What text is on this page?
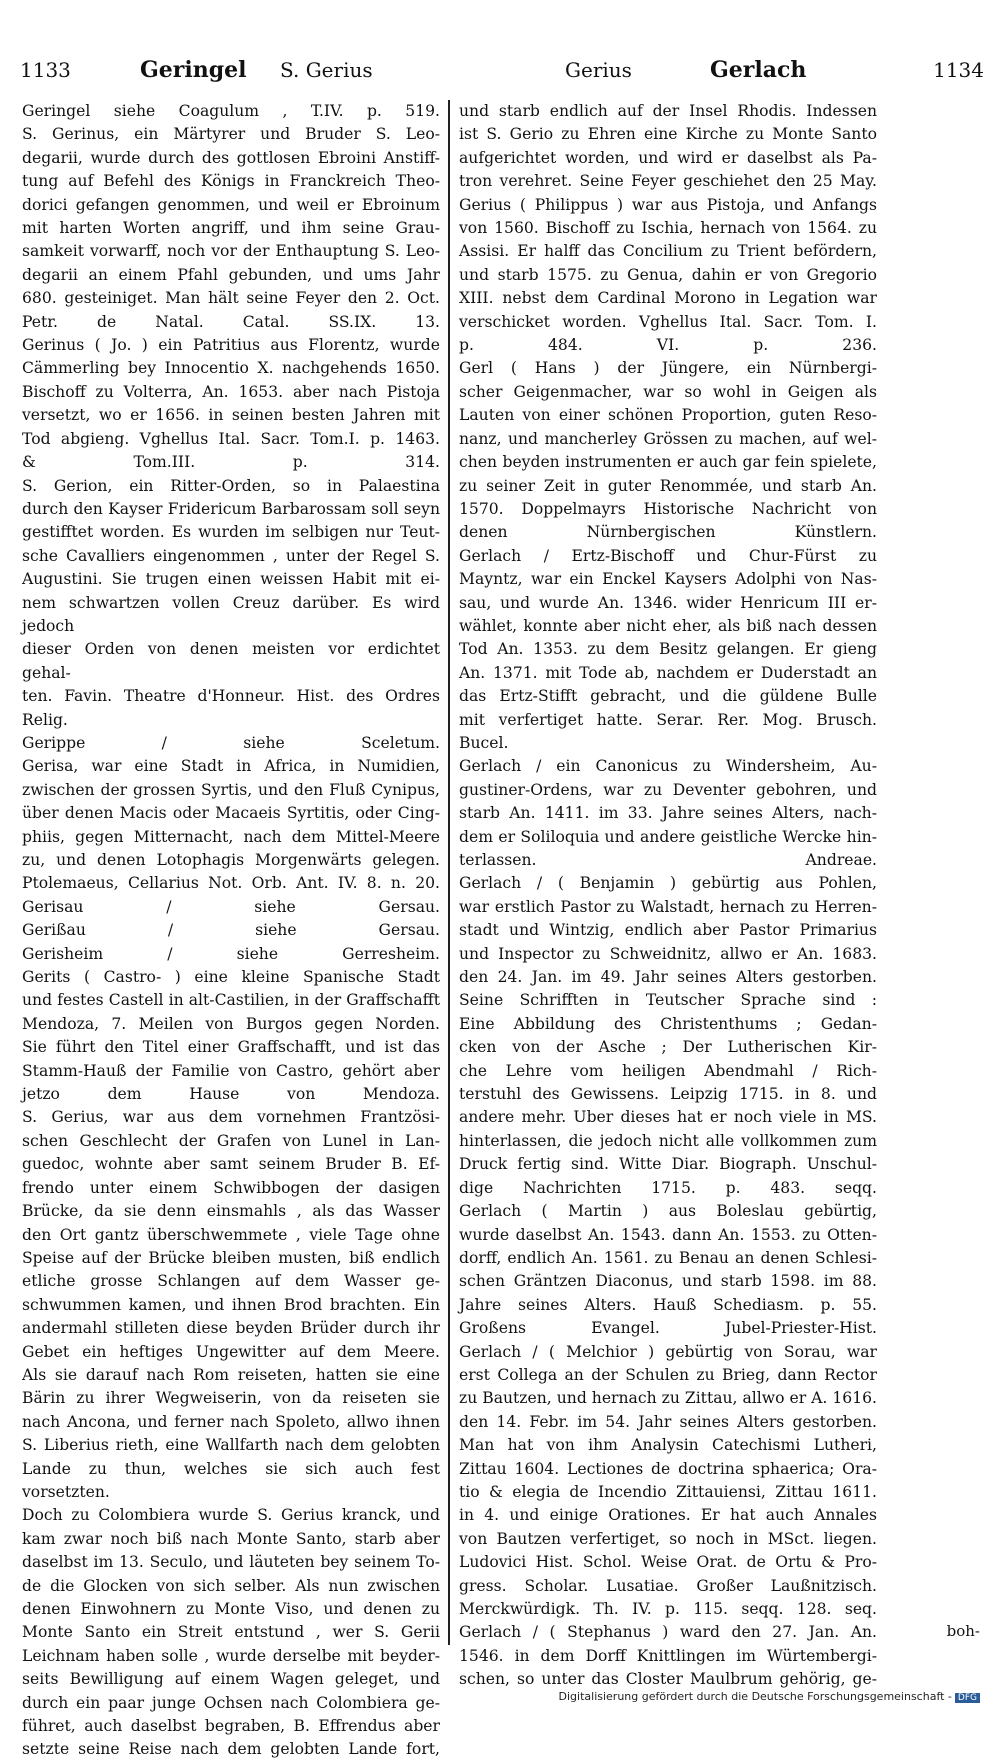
1133	Geringel S. Gerius	Gerius	Gerlach	1134
Geringel siehe Coagulum , T.IV. p. 519.
S. Gerinus, ein Märtyrer und Bruder S. Leo-
degarii, wurde durch des gottlosen Ebroini Anstiff-
tung auf Befehl des Königs in Franckreich Theo-
dorici gefangen genommen, und weil er Ebroinum
mit harten Worten angriff, und ihm seine Grau-
samkeit vorwarff, noch vor der Enthauptung S. Leo-
degarii an einem Pfahl gebunden, und ums Jahr
680. gesteiniget. Man hält seine Feyer den 2. Oct.
Petr. de Natal. Catal. SS.IX. 13.
Gerinus ( Jo. ) ein Patritius aus Florentz, wurde
Cämmerling bey Innocentio X. nachgehends 1650.
Bischoff zu Volterra, An. 1653. aber nach Pistoja
versetzt, wo er 1656. in seinen besten Jahren mit
Tod abgieng. Vghellus Ital. Sacr. Tom.I. p. 1463.
& Tom.III. p. 314.
S. Gerion, ein Ritter-Orden, so in Palaestina
durch den Kayser Fridericum Barbarossam soll seyn
gestifftet worden. Es wurden im selbigen nur Teut-
sche Cavalliers eingenommen , unter der Regel S.
Augustini. Sie trugen einen weissen Habit mit ei-
nem schwartzen vollen Creuz darüber. Es wird jedoch
dieser Orden von denen meisten vor erdichtet gehal-
ten. Favin. Theatre d'Honneur. Hist. des Ordres Relig.
Gerippe / siehe Sceletum.
Gerisa, war eine Stadt in Africa, in Numidien,
zwischen der grossen Syrtis, und den Fluß Cynipus,
über denen Macis oder Macaeis Syrtitis, oder Cing-
phiis, gegen Mitternacht, nach dem Mittel-Meere
zu, und denen Lotophagis Morgenwärts gelegen.
Ptolemaeus, Cellarius Not. Orb. Ant. IV. 8. n. 20.
Gerisau / siehe Gersau.
Gerißau / siehe Gersau.
Gerisheim / siehe Gerresheim.
Gerits ( Castro- ) eine kleine Spanische Stadt
und festes Castell in alt-Castilien, in der Graffschafft
Mendoza, 7. Meilen von Burgos gegen Norden.
Sie führt den Titel einer Graffschafft, und ist das
Stamm-Hauß der Familie von Castro, gehört aber
jetzo dem Hause von Mendoza.
S. Gerius, war aus dem vornehmen Frantzösi-
schen Geschlecht der Grafen von Lunel in Lan-
guedoc, wohnte aber samt seinem Bruder B. Ef-
frendo unter einem Schwibbogen der dasigen
Brücke, da sie denn einsmahls , als das Wasser
den Ort gantz überschwemmete , viele Tage ohne
Speise auf der Brücke bleiben musten, biß endlich
etliche grosse Schlangen auf dem Wasser ge-
schwummen kamen, und ihnen Brod brachten. Ein
andermahl stilleten diese beyden Brüder durch ihr
Gebet ein heftiges Ungewitter auf dem Meere.
Als sie darauf nach Rom reiseten, hatten sie eine
Bärin zu ihrer Wegweiserin, von da reiseten sie
nach Ancona, und ferner nach Spoleto, allwo ihnen
S. Liberius rieth, eine Wallfarth nach dem gelobten
Lande zu thun, welches sie sich auch fest vorsetzten.
Doch zu Colombiera wurde S. Gerius kranck, und
kam zwar noch biß nach Monte Santo, starb aber
daselbst im 13. Seculo, und läuteten bey seinem To-
de die Glocken von sich selber. Als nun zwischen
denen Einwohnern zu Monte Viso, und denen zu
Monte Santo ein Streit entstund , wer S. Gerii
Leichnam haben solle , wurde derselbe mit beyder-
seits Bewilligung auf einem Wagen geleget, und
durch ein paar junge Ochsen nach Colombiera ge-
führet, auch daselbst begraben, B. Effrendus aber
setzte seine Reise nach dem gelobten Lande fort,
und starb endlich auf der Insel Rhodis. Indessen
ist S. Gerio zu Ehren eine Kirche zu Monte Santo
aufgerichtet worden, und wird er daselbst als Pa-
tron verehret. Seine Feyer geschiehet den 25 May.
Gerius ( Philippus ) war aus Pistoja, und Anfangs
von 1560. Bischoff zu Ischia, hernach von 1564. zu
Assisi. Er halff das Concilium zu Trient befördern,
und starb 1575. zu Genua, dahin er von Gregorio
XIII. nebst dem Cardinal Morono in Legation war
verschicket worden. Vghellus Ital. Sacr. Tom. I.
p. 484. VI. p. 236.
Gerl ( Hans ) der Jüngere, ein Nürnbergi-
scher Geigenmacher, war so wohl in Geigen als
Lauten von einer schönen Proportion, guten Reso-
nanz, und mancherley Grössen zu machen, auf wel-
chen beyden instrumenten er auch gar fein spielete,
zu seiner Zeit in guter Renommée, und starb An.
1570. Doppelmayrs Historische Nachricht von
denen Nürnbergischen Künstlern.
Gerlach / Ertz-Bischoff und Chur-Fürst zu
Mayntz, war ein Enckel Kaysers Adolphi von Nas-
sau, und wurde An. 1346. wider Henricum III er-
wählet, konnte aber nicht eher, als biß nach dessen
Tod An. 1353. zu dem Besitz gelangen. Er gieng
An. 1371. mit Tode ab, nachdem er Duderstadt an
das Ertz-Stifft gebracht, und die güldene Bulle
mit verfertiget hatte. Serar. Rer. Mog. Brusch. Bucel.
Gerlach / ein Canonicus zu Windersheim, Au-
gustiner-Ordens, war zu Deventer gebohren, und
starb An. 1411. im 33. Jahre seines Alters, nach-
dem er Soliloquia und andere geistliche Wercke hin-
terlassen. Andreae.
Gerlach / ( Benjamin ) gebürtig aus Pohlen,
war erstlich Pastor zu Walstadt, hernach zu Herren-
stadt und Wintzig, endlich aber Pastor Primarius
und Inspector zu Schweidnitz, allwo er An. 1683.
den 24. Jan. im 49. Jahr seines Alters gestorben.
Seine Schrifften in Teutscher Sprache sind :
Eine Abbildung des Christenthums ; Gedan-
cken von der Asche ; Der Lutherischen Kir-
che Lehre vom heiligen Abendmahl / Rich-
terstuhl des Gewissens. Leipzig 1715. in 8. und
andere mehr. Uber dieses hat er noch viele in MS.
hinterlassen, die jedoch nicht alle vollkommen zum
Druck fertig sind. Witte Diar. Biograph. Unschul-
dige Nachrichten 1715. p. 483. seqq.
Gerlach ( Martin ) aus Boleslau gebürtig,
wurde daselbst An. 1543. dann An. 1553. zu Otten-
dorff, endlich An. 1561. zu Benau an denen Schlesi-
schen Gräntzen Diaconus, und starb 1598. im 88.
Jahre seines Alters. Hauß Schediasm. p. 55.
Großens Evangel. Jubel-Priester-Hist.
Gerlach / ( Melchior ) gebürtig von Sorau, war
erst Collega an der Schulen zu Brieg, dann Rector
zu Bautzen, und hernach zu Zittau, allwo er A. 1616.
den 14. Febr. im 54. Jahr seines Alters gestorben.
Man hat von ihm Analysin Catechismi Lutheri,
Zittau 1604. Lectiones de doctrina sphaerica; Ora-
tio & elegia de Incendio Zittauiensi, Zittau 1611.
in 4. und einige Orationes. Er hat auch Annales
von Bautzen verfertiget, so noch in MSct. liegen.
Ludovici Hist. Schol. Weise Orat. de Ortu & Pro-
gress. Scholar. Lusatiae. Großer Laußnitzisch.
Merckwürdigk. Th. IV. p. 115. seqq. 128. seq.
Gerlach / ( Stephanus ) ward den 27. Jan. An.
1546. in dem Dorff Knittlingen im Würtembergi-
schen, so unter das Closter Maulbrum gehörig, ge-
boh-
Digitalisierung gefördert durch die Deutsche Forschungsgemeinschaft - DFG
